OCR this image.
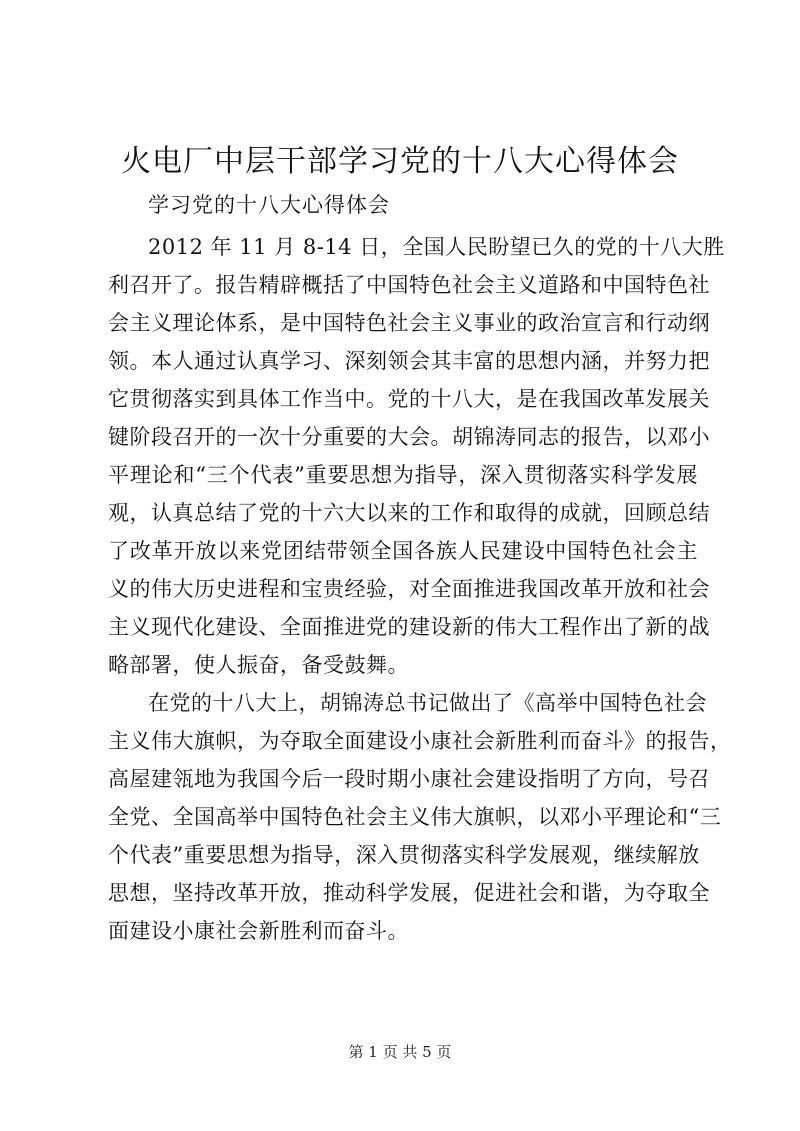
火电厂中层干部学习党的十八大心得体会
学习党的十八大心得体会
2012 年 11 月 8-14 日，全国人民盼望已久的党的十八大胜
利召开了。报告精辟概括了中国特色社会主义道路和中国特色社
会主义理论体系，是中国特色社会主义事业的政治宣言和行动纲
领。本人通过认真学习、深刻领会其丰富的思想内涵，并努力把
它贯彻落实到具体工作当中。党的十八大，是在我国改革发展关
键阶段召开的一次十分重要的大会。胡锦涛同志的报告，以邓小
平理论和“三个代表”重要思想为指导，深入贯彻落实科学发展
观，认真总结了党的十六大以来的工作和取得的成就，回顾总结
了改革开放以来党团结带领全国各族人民建设中国特色社会主
义的伟大历史进程和宝贵经验，对全面推进我国改革开放和社会
主义现代化建设、全面推进党的建设新的伟大工程作出了新的战
略部署，使人振奋，备受鼓舞。
在党的十八大上，胡锦涛总书记做出了《高举中国特色社会
主义伟大旗帜，为夺取全面建设小康社会新胜利而奋斗》的报告，
高屋建瓴地为我国今后一段时期小康社会建设指明了方向，号召
全党、全国高举中国特色社会主义伟大旗帜，以邓小平理论和“三
个代表”重要思想为指导，深入贯彻落实科学发展观，继续解放
思想，坚持改革开放，推动科学发展，促进社会和谐，为夺取全
面建设小康社会新胜利而奋斗。
第 1 页 共 5 页
